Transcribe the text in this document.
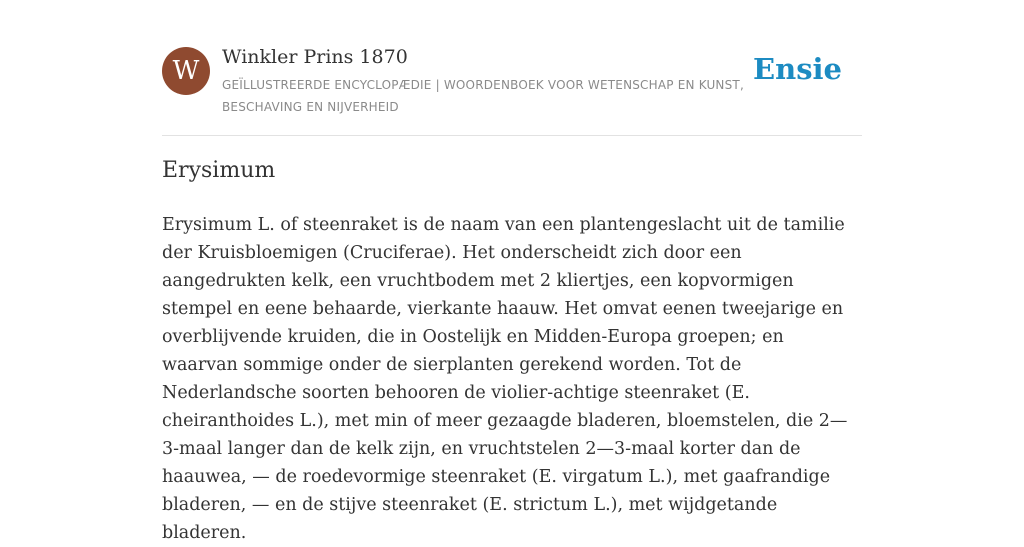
W	Winkler Prins 1870
GEÏLLUSTREERDE ENCYCLOPÆDIE | WOORDENBOEK VOOR WETENSCHAP EN KUNST, BESCHAVING EN NIJVERHEID
Ensie
Erysimum

Erysimum L. of steenraket is de naam van een plantengeslacht uit de tamilie der Kruisbloemigen (Cruciferae). Het onderscheidt zich door een aangedrukten kelk, een vruchtbodem met 2 kliertjes, een kopvormigen stempel en eene behaarde, vierkante haauw. Het omvat eenen tweejarige en overblijvende kruiden, die in Oostelijk en Midden-Europa groepen; en waarvan sommige onder de sierplanten gerekend worden. Tot de Nederlandsche soorten behooren de violier-achtige steenraket (E. cheiranthoides L.), met min of meer gezaagde bladeren, bloemstelen, die 2—3-maal langer dan de kelk zijn, en vruchtstelen 2—3-maal korter dan de haauwea, — de roedevormige steenraket (E. virgatum L.), met gaafrandige bladeren, — en de stijve steenraket (E. strictum L.), met wijdgetande bladeren.
